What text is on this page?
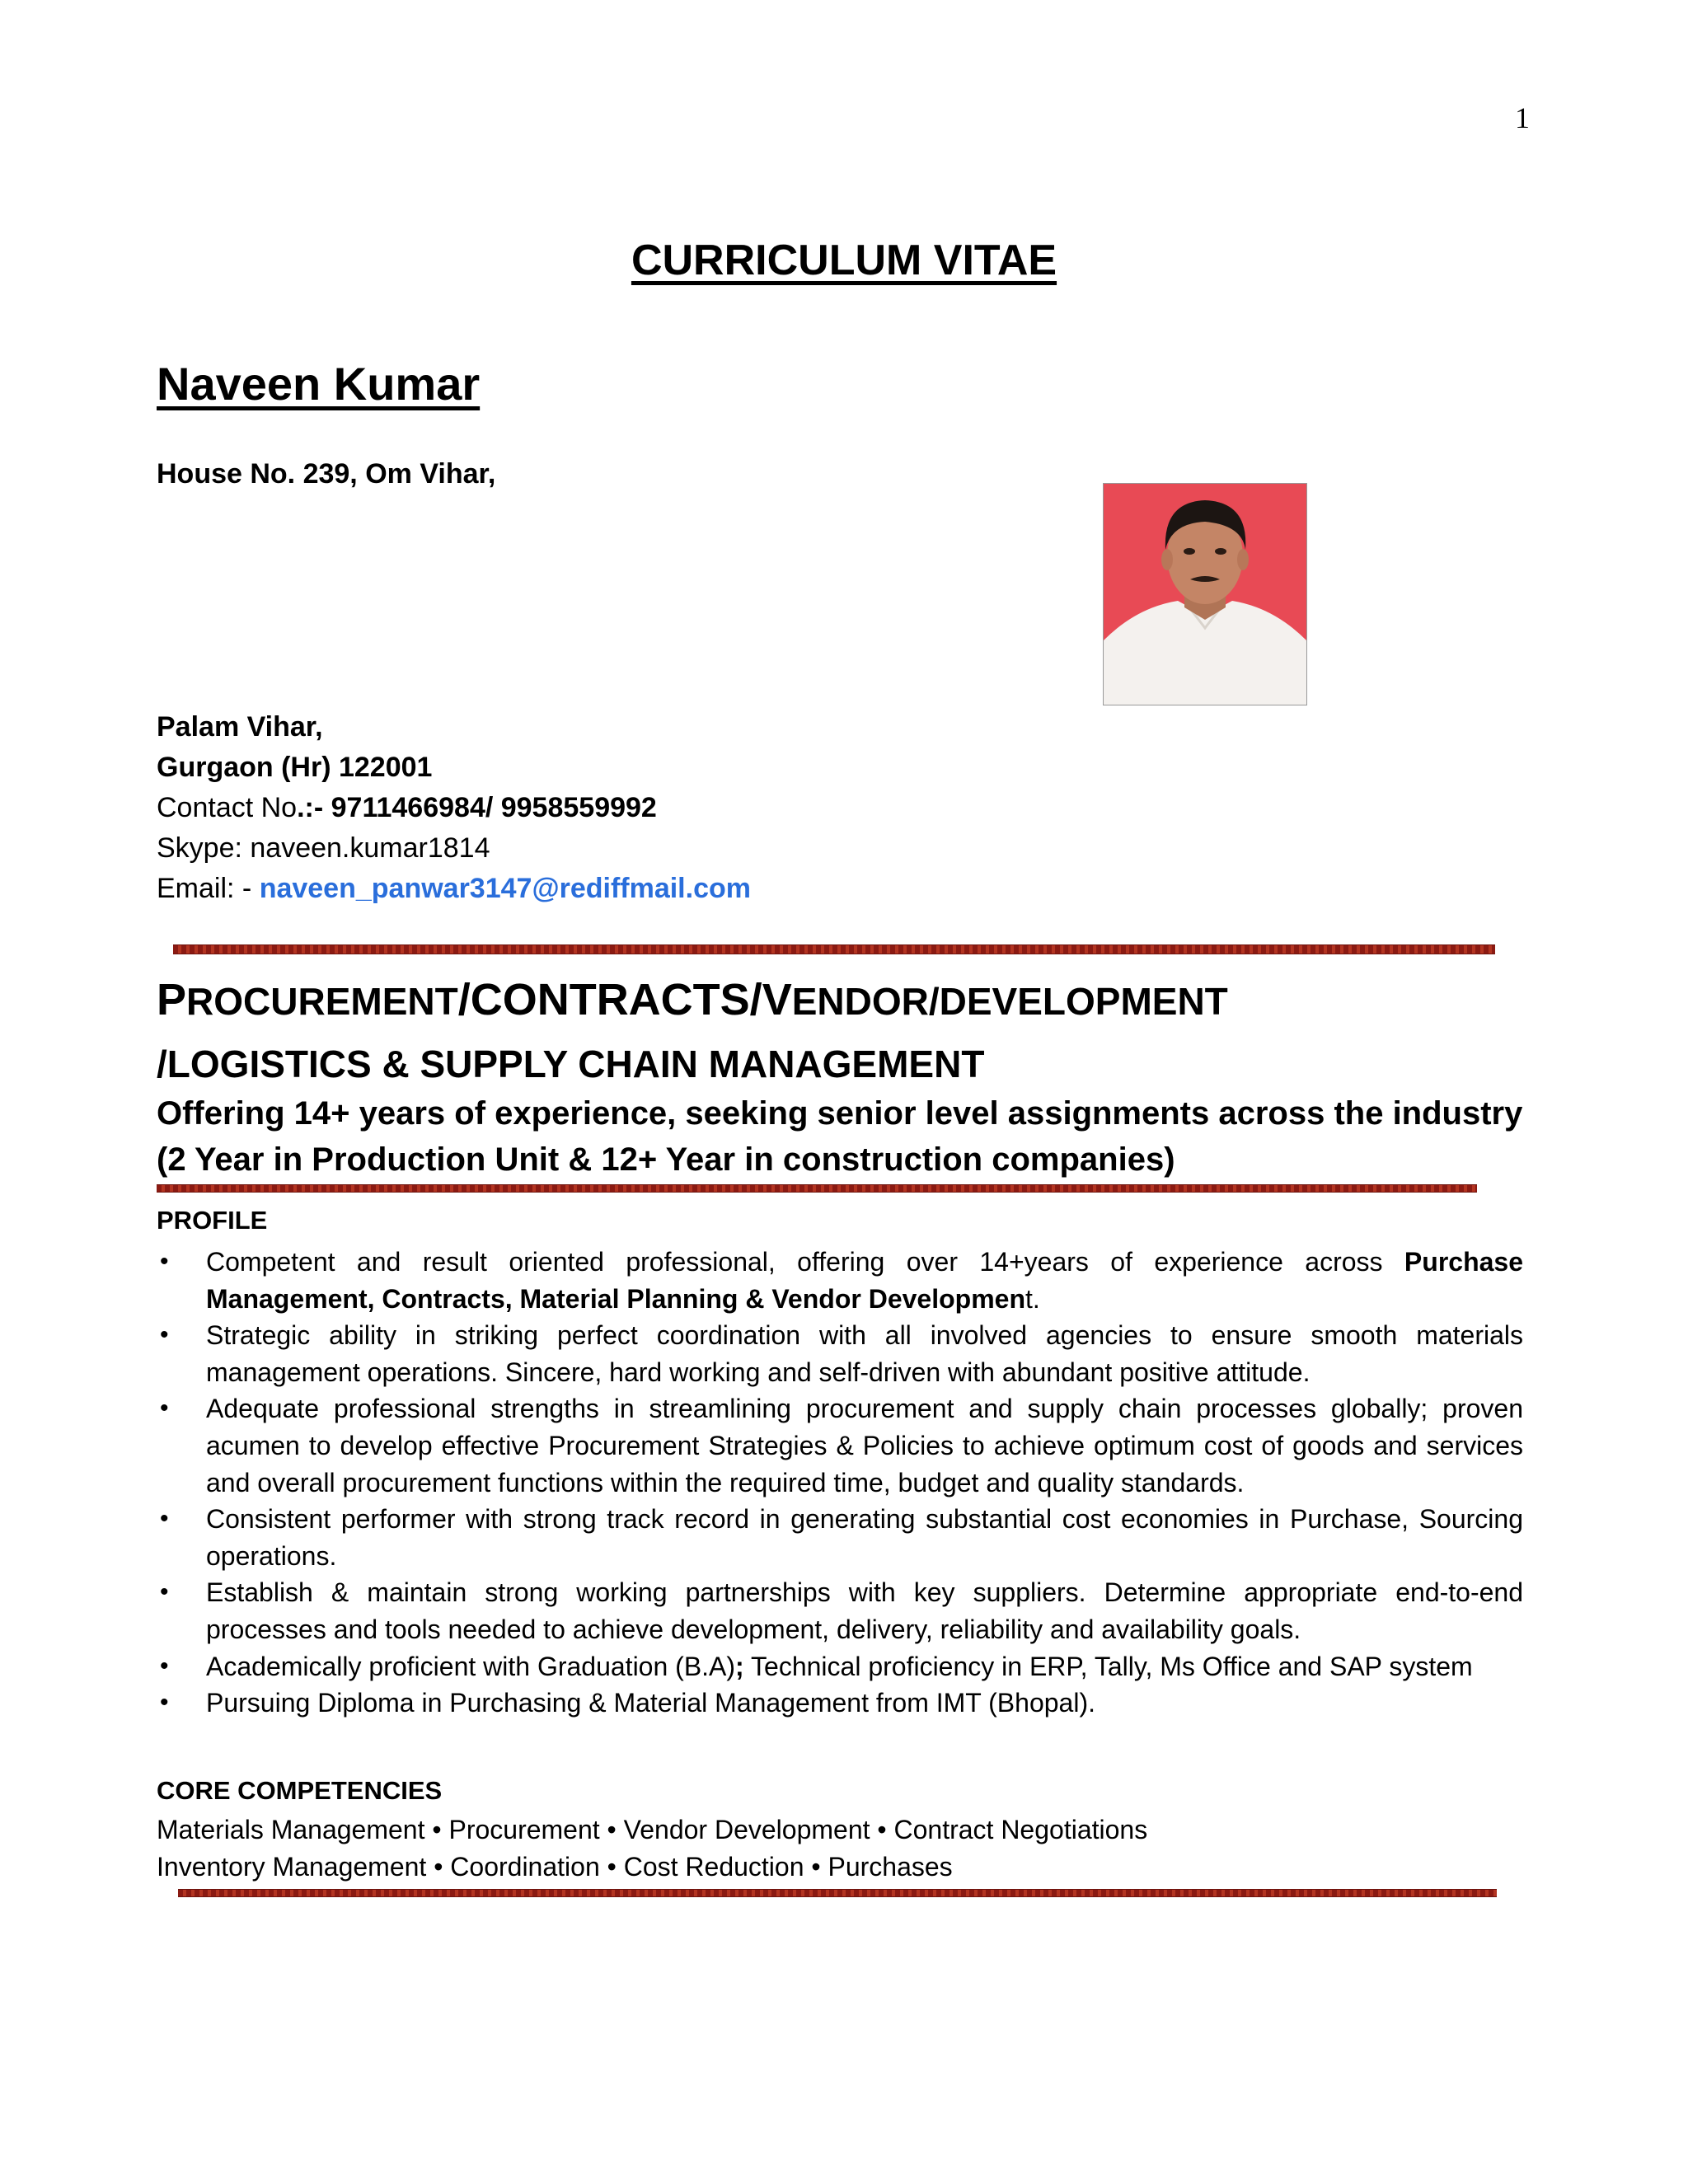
1
CURRICULUM VITAE
Naveen Kumar
House No. 239, Om Vihar,
Palam Vihar,
Gurgaon (Hr) 122001
Contact No.:- 9711466984/ 9958559992
Skype: naveen.kumar1814
Email: - naveen_panwar3147@rediffmail.com
PROCUREMENT/CONTRACTS/VENDOR/DEVELOPMENT
/LOGISTICS & SUPPLY CHAIN MANAGEMENT
Offering 14+ years of experience, seeking senior level assignments across the industry
(2 Year in Production Unit & 12+ Year in construction companies)
PROFILE
• Competent and result oriented professional, offering over 14+years of experience across Purchase Management, Contracts, Material Planning & Vendor Development.
• Strategic ability in striking perfect coordination with all involved agencies to ensure smooth materials management operations. Sincere, hard working and self-driven with abundant positive attitude.
• Adequate professional strengths in streamlining procurement and supply chain processes globally; proven acumen to develop effective Procurement Strategies & Policies to achieve optimum cost of goods and services and overall procurement functions within the required time, budget and quality standards.
• Consistent performer with strong track record in generating substantial cost economies in Purchase, Sourcing operations.
• Establish & maintain strong working partnerships with key suppliers. Determine appropriate end-to-end processes and tools needed to achieve development, delivery, reliability and availability goals.
• Academically proficient with Graduation (B.A); Technical proficiency in ERP, Tally, Ms Office and SAP system
• Pursuing Diploma in Purchasing & Material Management from IMT (Bhopal).
CORE COMPETENCIES
Materials Management • Procurement • Vendor Development • Contract Negotiations
Inventory Management • Coordination • Cost Reduction • Purchases
